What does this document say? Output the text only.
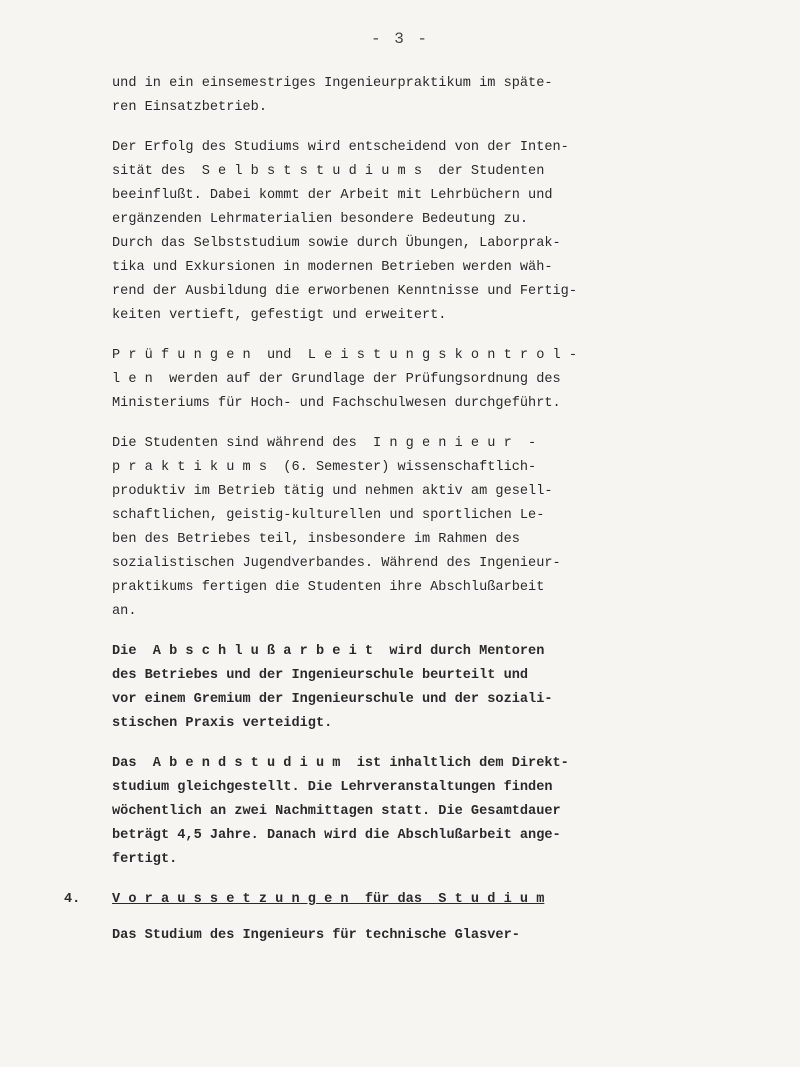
- 3 -
und in ein einsemestriges Ingenieurpraktikum im späte-
ren Einsatzbetrieb.
Der Erfolg des Studiums wird entscheidend von der Inten-
sität des  S e l b s t s t u d i u m s  der Studenten
beeinflußt. Dabei kommt der Arbeit mit Lehrbüchern und
ergänzenden Lehrmaterialien besondere Bedeutung zu.
Durch das Selbststudium sowie durch Übungen, Laborprak-
tika und Exkursionen in modernen Betrieben werden wäh-
rend der Ausbildung die erworbenen Kenntnisse und Fertig-
keiten vertieft, gefestigt und erweitert.
P r ü f u n g e n  und  L e i s t u n g s k o n t r o l -
l e n  werden auf der Grundlage der Prüfungsordnung des
Ministeriums für Hoch- und Fachschulwesen durchgeführt.
Die Studenten sind während des  I n g e n i e u r  -
p r a k t i k u m s  (6. Semester) wissenschaftlich-
produktiv im Betrieb tätig und nehmen aktiv am gesell-
schaftlichen, geistig-kulturellen und sportlichen Le-
ben des Betriebes teil, insbesondere im Rahmen des
sozialistischen Jugendverbandes. Während des Ingenieur-
praktikums fertigen die Studenten ihre Abschlußarbeit
an.
Die  A b s c h l u ß a r b e i t  wird durch Mentoren
des Betriebes und der Ingenieurschule beurteilt und
vor einem Gremium der Ingenieurschule und der soziali-
stischen Praxis verteidigt.
Das  A b e n d s t u d i u m  ist inhaltlich dem Direkt-
studium gleichgestellt. Die Lehrveranstaltungen finden
wöchentlich an zwei Nachmittagen statt. Die Gesamtdauer
beträgt 4,5 Jahre. Danach wird die Abschlußarbeit ange-
fertigt.
4. V o r a u s s e t z u n g e n  für das  S t u d i u m
Das Studium des Ingenieurs für technische Glasver-
